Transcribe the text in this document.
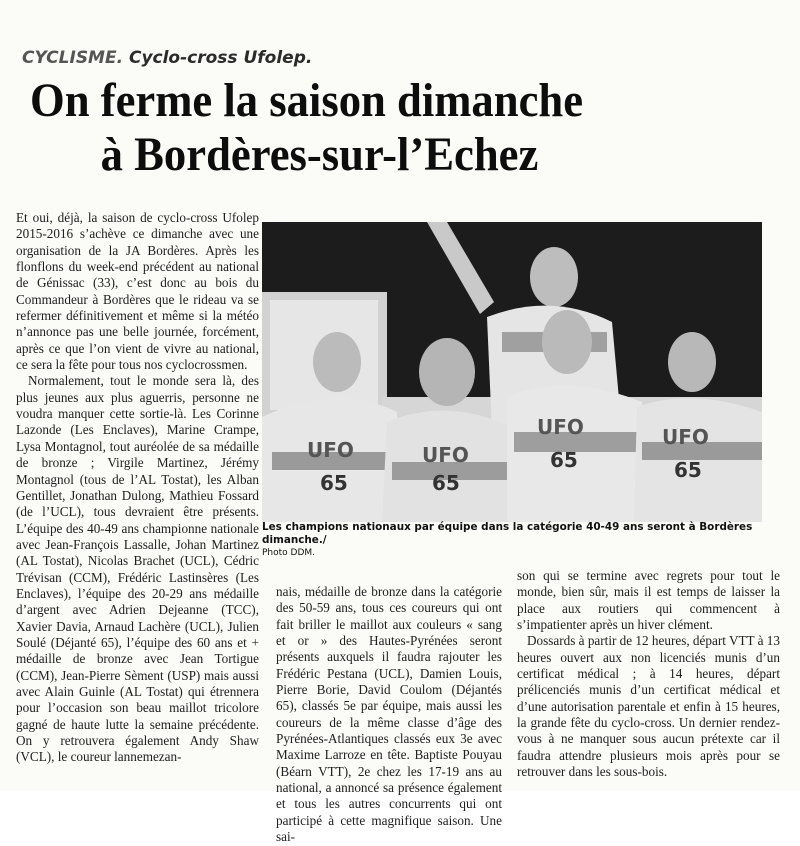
CYCLISME. Cyclo-cross Ufolep.
On ferme la saison dimanche
à Bordères-sur-l’Echez

Et oui, déjà, la saison de cyclo-cross Ufolep 2015-2016 s’achève ce dimanche avec une organisation de la JA Bordères. Après les flonflons du week-end précédent au national de Génissac (33), c’est donc au bois du Commandeur à Bordères que le rideau va se refermer définitivement et même si la météo n’annonce pas une belle journée, forcément, après ce que l’on vient de vivre au national, ce sera la fête pour tous nos cyclocrossmen.

Normalement, tout le monde sera là, des plus jeunes aux plus aguerris, personne ne voudra manquer cette sortie-là. Les Corinne Lazonde (Les Enclaves), Marine Crampe, Lysa Montagnol, tout auréolée de sa médaille de bronze ; Virgile Martinez, Jérémy Montagnol (tous de l’AL Tostat), les Alban Gentillet, Jonathan Dulong, Mathieu Fossard (de l’UCL), tous devraient être présents. L’équipe des 40-49 ans championne nationale avec Jean-François Lassalle, Johan Martinez (AL Tostat), Nicolas Brachet (UCL), Cédric Trévisan (CCM), Frédéric Lastinsères (Les Enclaves), l’équipe des 20-29 ans médaille d’argent avec Adrien Dejeanne (TCC), Xavier Davia, Arnaud Lachère (UCL), Julien Soulé (Déjanté 65), l’équipe des 60 ans et + médaille de bronze avec Jean Tortigue (CCM), Jean-Pierre Sèment (USP) mais aussi avec Alain Guinle (AL Tostat) qui étrennera pour l’occasion son beau maillot tricolore gagné de haute lutte la semaine précédente. On y retrouvera également Andy Shaw (VCL), le coureur lannemezan-

UFO
65
UFO
65
UFO
65
UFO
65
Les champions nationaux par équipe dans la catégorie 40-49 ans seront à Bordères dimanche./
Photo DDM.

nais, médaille de bronze dans la catégorie des 50-59 ans, tous ces coureurs qui ont fait briller le maillot aux couleurs « sang et or » des Hautes-Pyrénées seront présents auxquels il faudra rajouter les Frédéric Pestana (UCL), Damien Louis, Pierre Borie, David Coulom (Déjantés 65), classés 5e par équipe, mais aussi les coureurs de la même classe d’âge des Pyrénées-Atlantiques classés eux 3e avec Maxime Larroze en tête. Baptiste Pouyau (Béarn VTT), 2e chez les 17-19 ans au national, a annoncé sa présence également et tous les autres concurrents qui ont participé à cette magnifique saison. Une sai-

son qui se termine avec regrets pour tout le monde, bien sûr, mais il est temps de laisser la place aux routiers qui commencent à s’impatienter après un hiver clément.

Dossards à partir de 12 heures, départ VTT à 13 heures ouvert aux non licenciés munis d’un certificat médical ; à 14 heures, départ prélicenciés munis d’un certificat médical et d’une autorisation parentale et enfin à 15 heures, la grande fête du cyclo-cross. Un dernier rendez-vous à ne manquer sous aucun prétexte car il faudra attendre plusieurs mois après pour se retrouver dans les sous-bois.
